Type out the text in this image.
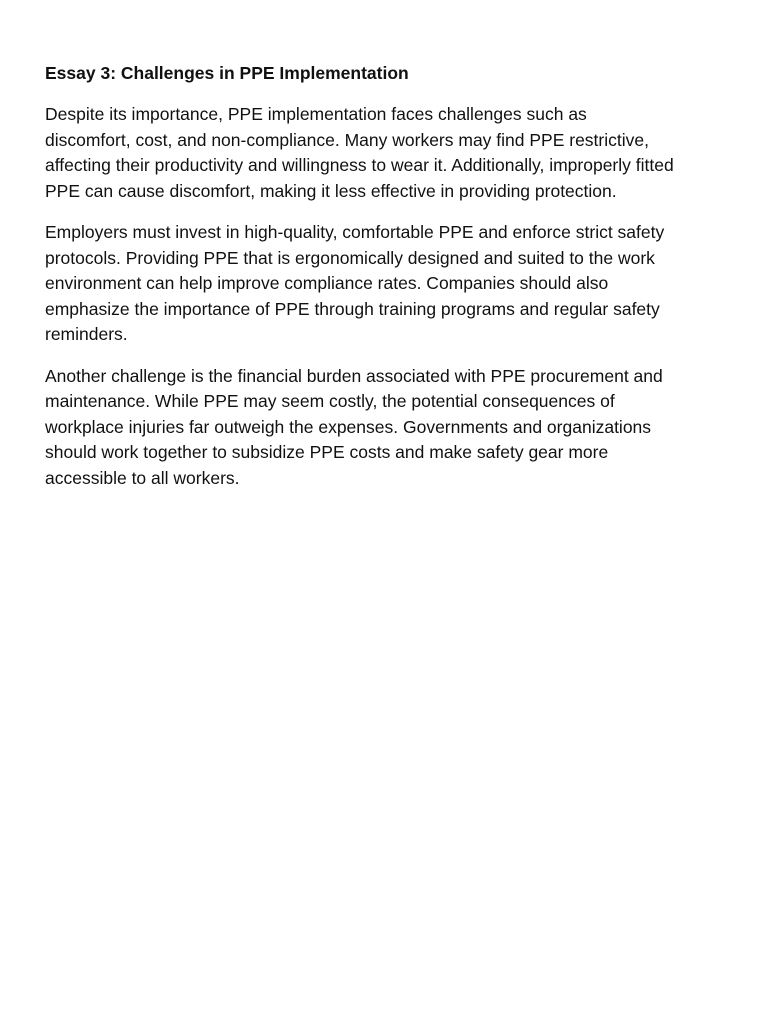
Essay 3: Challenges in PPE Implementation

Despite its importance, PPE implementation faces challenges such as
discomfort, cost, and non-compliance. Many workers may find PPE restrictive,
affecting their productivity and willingness to wear it. Additionally, improperly fitted
PPE can cause discomfort, making it less effective in providing protection.

Employers must invest in high-quality, comfortable PPE and enforce strict safety
protocols. Providing PPE that is ergonomically designed and suited to the work
environment can help improve compliance rates. Companies should also
emphasize the importance of PPE through training programs and regular safety
reminders.

Another challenge is the financial burden associated with PPE procurement and
maintenance. While PPE may seem costly, the potential consequences of
workplace injuries far outweigh the expenses. Governments and organizations
should work together to subsidize PPE costs and make safety gear more
accessible to all workers.
